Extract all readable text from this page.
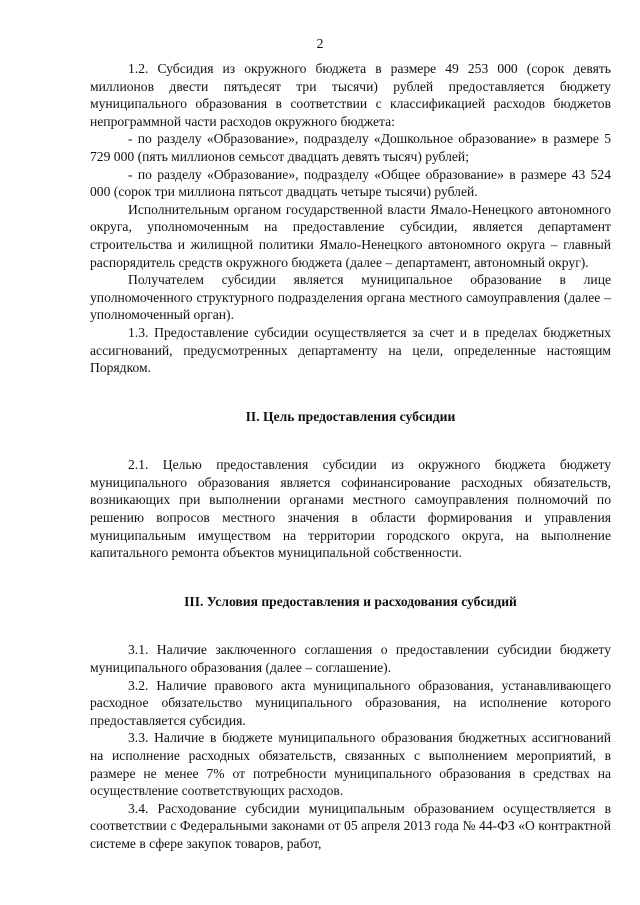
2

1.2. Субсидия из окружного бюджета в размере 49 253 000 (сорок девять миллионов двести пятьдесят три тысячи) рублей предоставляется бюджету муниципального образования в соответствии с классификацией расходов бюджетов непрограммной части расходов окружного бюджета:

- по разделу «Образование», подразделу «Дошкольное образование» в размере 5 729 000 (пять миллионов семьсот двадцать девять тысяч) рублей;

- по разделу «Образование», подразделу «Общее образование» в размере 43 524 000 (сорок три миллиона пятьсот двадцать четыре тысячи) рублей.

Исполнительным органом государственной власти Ямало-Ненецкого автономного округа, уполномоченным на предоставление субсидии, является департамент строительства и жилищной политики Ямало-Ненецкого автономного округа – главный распорядитель средств окружного бюджета (далее – департамент, автономный округ).

Получателем субсидии является муниципальное образование в лице уполномоченного структурного подразделения органа местного самоуправления (далее – уполномоченный орган).

1.3. Предоставление субсидии осуществляется за счет и в пределах бюджетных ассигнований, предусмотренных департаменту на цели, определенные настоящим Порядком.

II. Цель предоставления субсидии

2.1. Целью предоставления субсидии из окружного бюджета бюджету муниципального образования является софинансирование расходных обязательств, возникающих при выполнении органами местного самоуправления полномочий по решению вопросов местного значения в области формирования и управления муниципальным имуществом на территории городского округа, на выполнение капитального ремонта объектов муниципальной собственности.

III. Условия предоставления и расходования субсидий

3.1. Наличие заключенного соглашения о предоставлении субсидии бюджету муниципального образования (далее – соглашение).

3.2. Наличие правового акта муниципального образования, устанавливающего расходное обязательство муниципального образования, на исполнение которого предоставляется субсидия.

3.3. Наличие в бюджете муниципального образования бюджетных ассигнований на исполнение расходных обязательств, связанных с выполнением мероприятий, в размере не менее 7% от потребности муниципального образования в средствах на осуществление соответствующих расходов.

3.4. Расходование субсидии муниципальным образованием осуществляется в соответствии с Федеральными законами от 05 апреля 2013 года № 44-ФЗ «О контрактной системе в сфере закупок товаров, работ,
